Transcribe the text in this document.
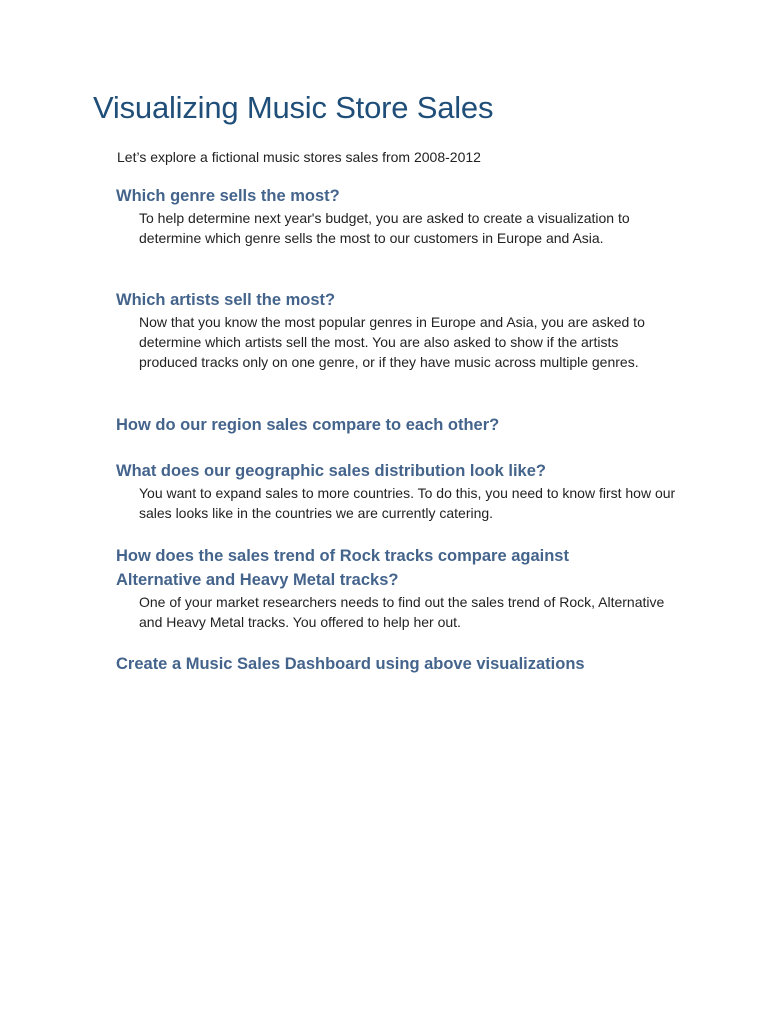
Visualizing Music Store Sales

Let’s explore a fictional music stores sales from 2008-2012

Which genre sells the most?

To help determine next year's budget, you are asked to create a visualization to determine which genre sells the most to our customers in Europe and Asia.

Which artists sell the most?

Now that you know the most popular genres in Europe and Asia, you are asked to determine which artists sell the most. You are also asked to show if the artists produced tracks only on one genre, or if they have music across multiple genres.

How do our region sales compare to each other?
What does our geographic sales distribution look like?

You want to expand sales to more countries. To do this, you need to know first how our sales looks like in the countries we are currently catering.

How does the sales trend of Rock tracks compare against Alternative and Heavy Metal tracks?

One of your market researchers needs to find out the sales trend of Rock, Alternative and Heavy Metal tracks. You offered to help her out.

Create a Music Sales Dashboard using above visualizations
